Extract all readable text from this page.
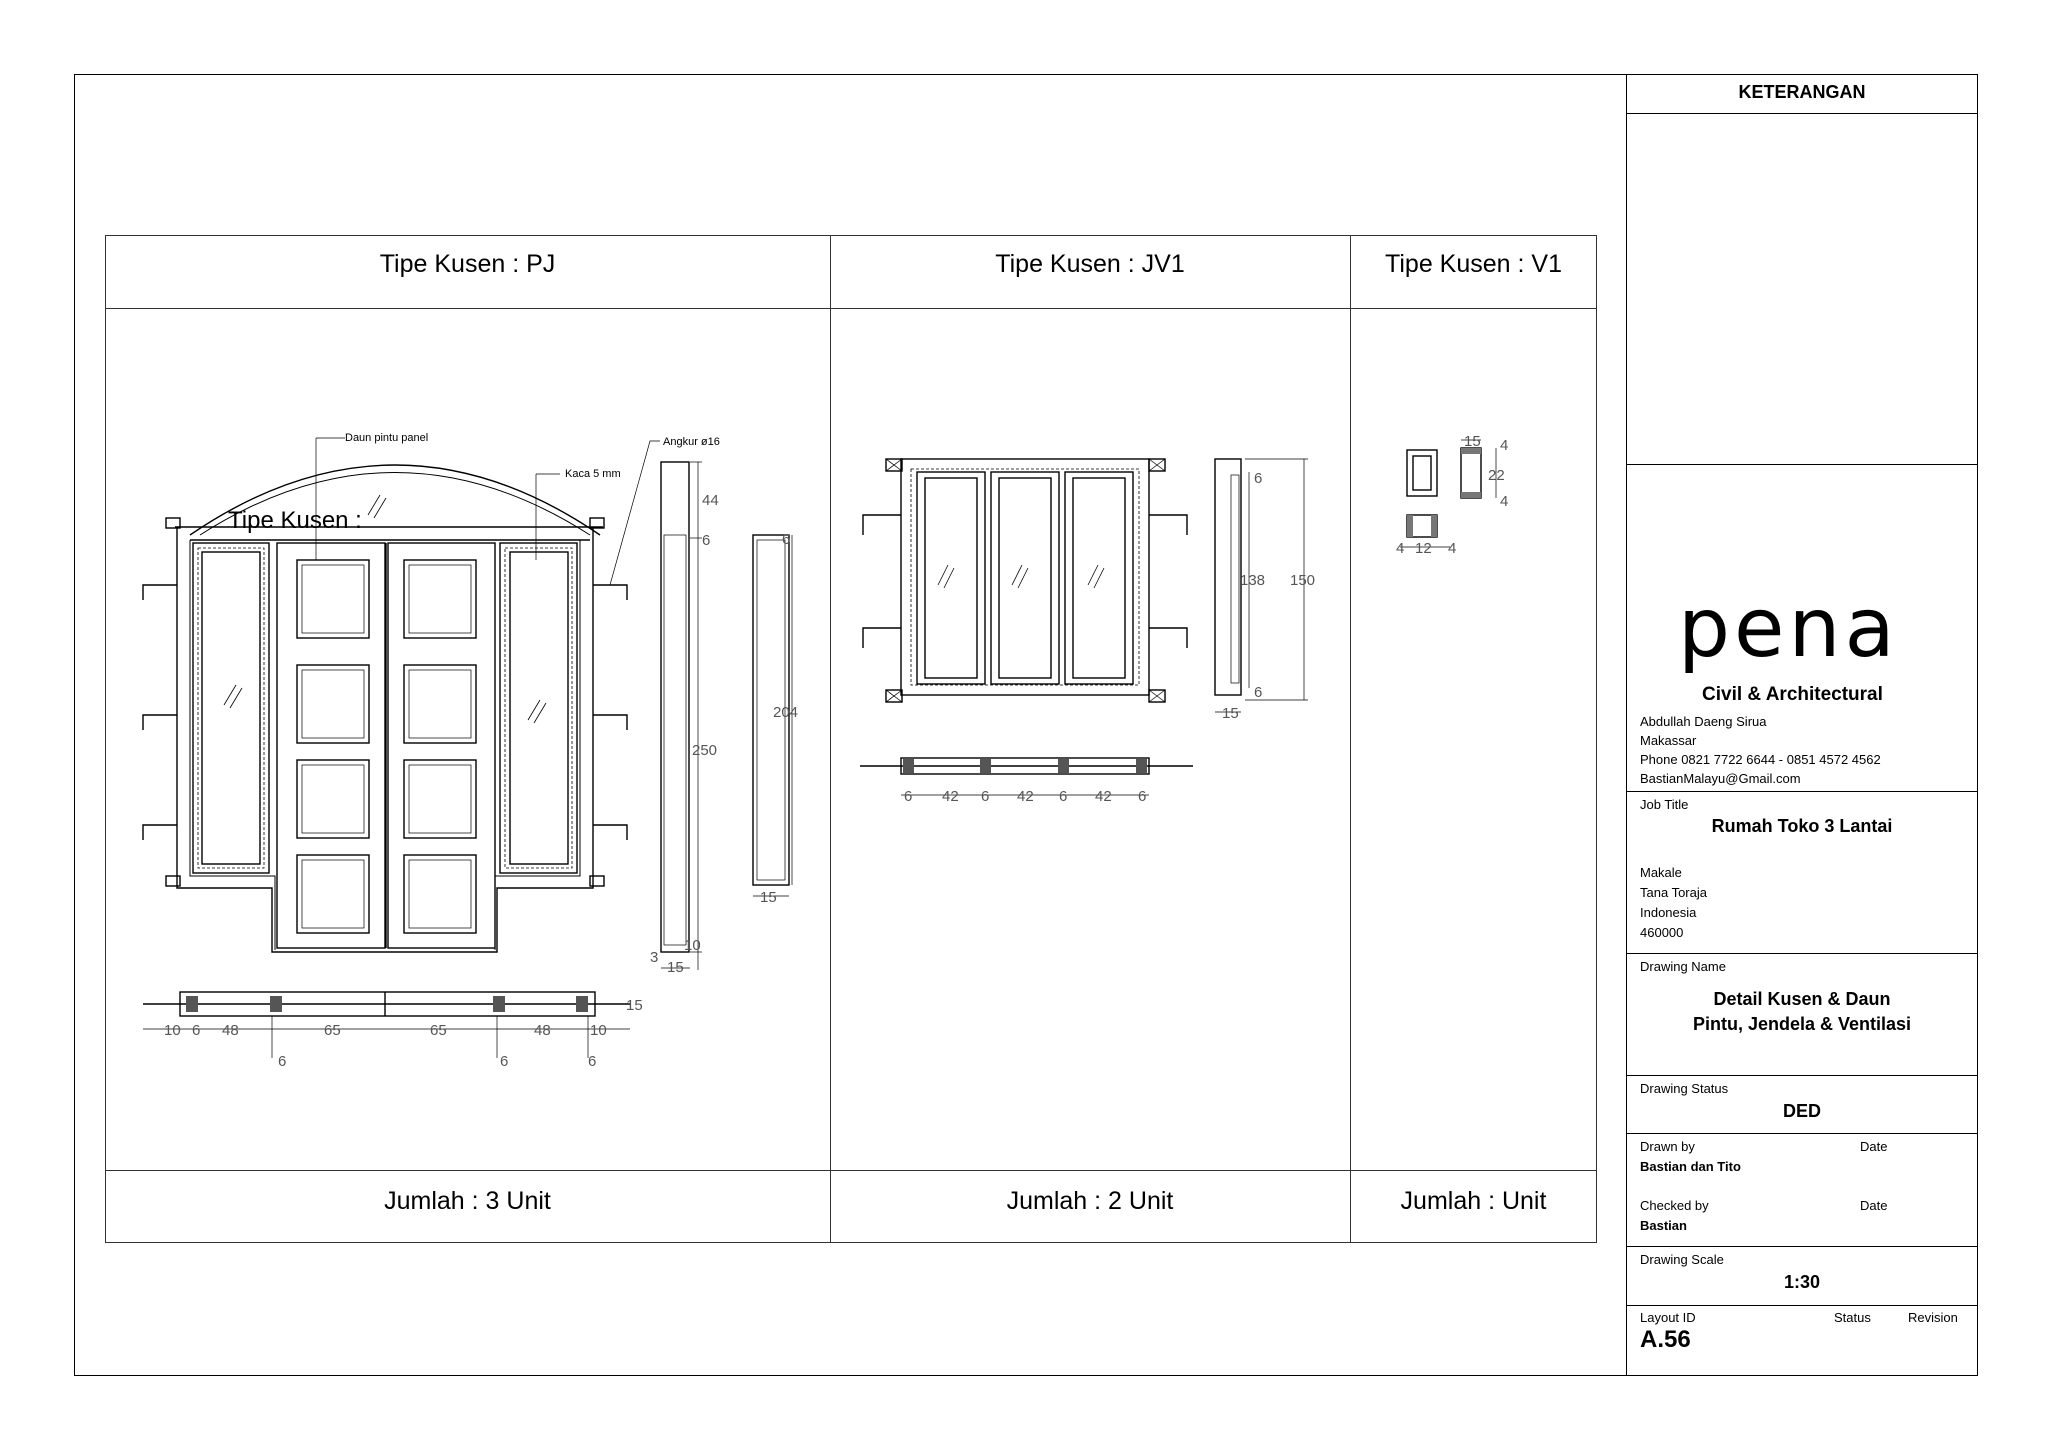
Tipe Kusen : PJ	Tipe Kusen : JV1	Tipe Kusen : V1
Jumlah : 3 Unit	Jumlah : 2 Unit	Jumlah : Unit
Daun pintu panel
Kaca 5 mm
Angkur ø16
44
6
250
3
10
15
6
204
15
10 6 48	65	65	48	10
15
6	6	6
Tipe Kusen :
6
138 150
6
15
6 42 6 42 6 42 6
15 4
22
4
4 12 4
KETERANGAN
pena
Civil & Architectural
Abdullah Daeng Sirua
Makassar
Phone 0821 7722 6644 - 0851 4572 4562
BastianMalayu@Gmail.com
Job Title
Rumah Toko 3 Lantai
Makale
Tana Toraja
Indonesia
460000
Drawing Name
Detail Kusen & Daun
Pintu, Jendela & Ventilasi
Drawing Status
DED
Drawn by	Date
Bastian dan Tito
Checked by	Date
Bastian
Drawing Scale
1:30
Layout ID	Status	Revision
A.56
